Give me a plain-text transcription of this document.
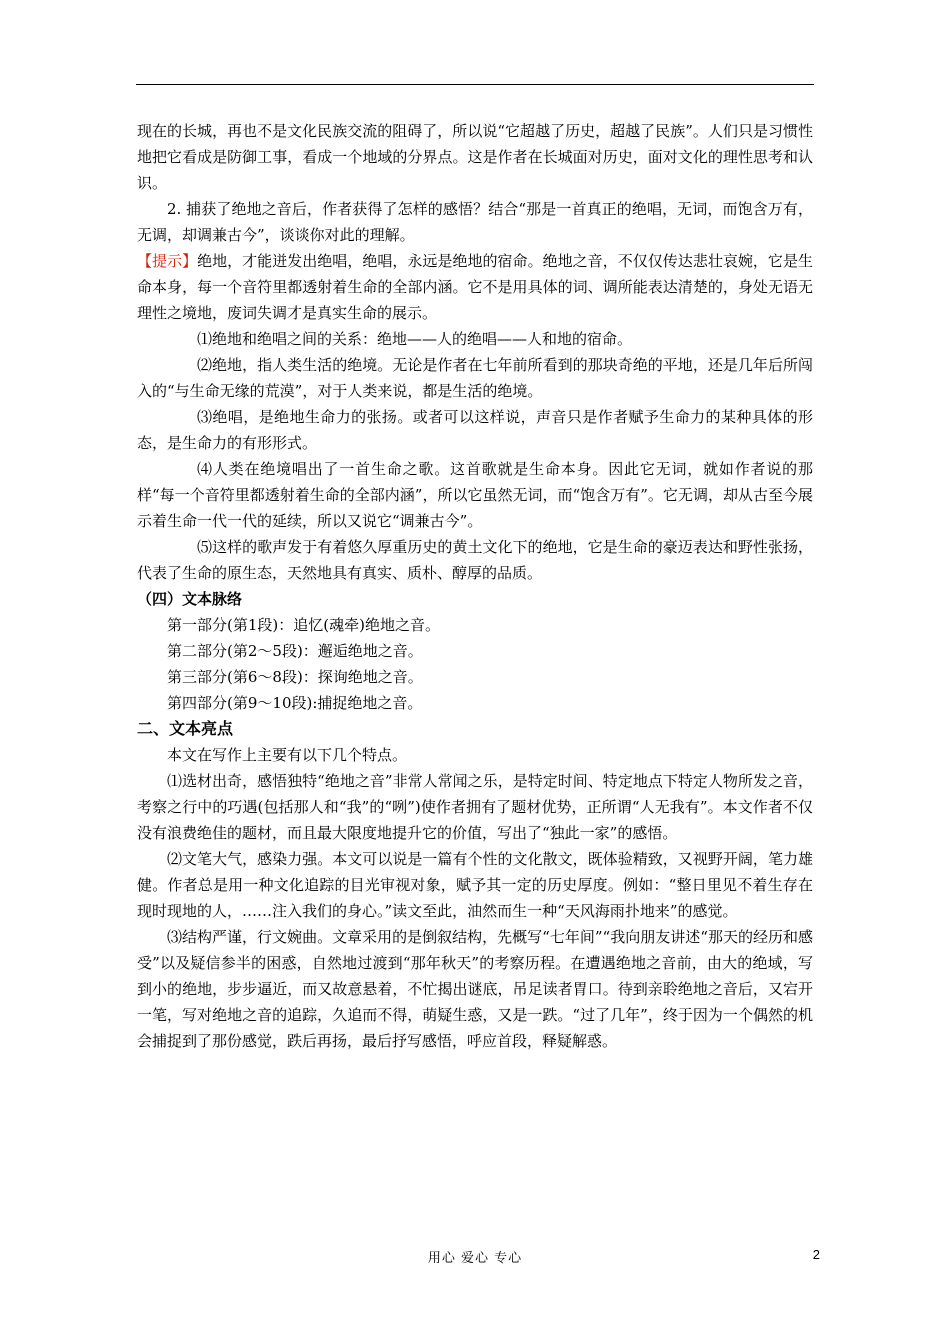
现在的长城，再也不是文化民族交流的阻碍了，所以说“它超越了历史，超越了民族”。人们只是习惯性地把它看成是防御工事，看成一个地域的分界点。这是作者在长城面对历史，面对文化的理性思考和认识。

2. 捕获了绝地之音后，作者获得了怎样的感悟？结合“那是一首真正的绝唱，无词，而饱含万有，无调，却调兼古今”，谈谈你对此的理解。

【提示】绝地，才能迸发出绝唱，绝唱，永远是绝地的宿命。绝地之音，不仅仅传达悲壮哀婉，它是生命本身，每一个音符里都透射着生命的全部内涵。它不是用具体的词、调所能表达清楚的，身处无语无理性之境地，废词失调才是真实生命的展示。

⑴绝地和绝唱之间的关系：绝地——人的绝唱——人和地的宿命。

⑵绝地，指人类生活的绝境。无论是作者在七年前所看到的那块奇绝的平地，还是几年后所闯入的“与生命无缘的荒漠”，对于人类来说，都是生活的绝境。

⑶绝唱，是绝地生命力的张扬。或者可以这样说，声音只是作者赋予生命力的某种具体的形态，是生命力的有形形式。

⑷人类在绝境唱出了一首生命之歌。这首歌就是生命本身。因此它无词，就如作者说的那样“每一个音符里都透射着生命的全部内涵”，所以它虽然无词，而“饱含万有”。它无调，却从古至今展示着生命一代一代的延续，所以又说它“调兼古今”。

⑸这样的歌声发于有着悠久厚重历史的黄土文化下的绝地，它是生命的豪迈表达和野性张扬，代表了生命的原生态，天然地具有真实、质朴、醇厚的品质。

（四）文本脉络

第一部分(第1段)：追忆(魂牵)绝地之音。

第二部分(第2～5段)：邂逅绝地之音。

第三部分(第6～8段)：探询绝地之音。

第四部分(第9～10段):捕捉绝地之音。

二、文本亮点

本文在写作上主要有以下几个特点。

⑴选材出奇，感悟独特“绝地之音”非常人常闻之乐，是特定时间、特定地点下特定人物所发之音，考察之行中的巧遇(包括那人和“我”的“咧”)使作者拥有了题材优势，正所谓“人无我有”。本文作者不仅没有浪费绝佳的题材，而且最大限度地提升它的价值，写出了“独此一家”的感悟。

⑵文笔大气，感染力强。本文可以说是一篇有个性的文化散文，既体验精致，又视野开阔，笔力雄健。作者总是用一种文化追踪的目光审视对象，赋予其一定的历史厚度。例如：“整日里见不着生存在现时现地的人，……注入我们的身心。”读文至此，油然而生一种“天风海雨扑地来”的感觉。

⑶结构严谨，行文婉曲。文章采用的是倒叙结构，先概写“七年间”“我向朋友讲述“那天的经历和感受”以及疑信参半的困惑，自然地过渡到“那年秋天”的考察历程。在遭遇绝地之音前，由大的绝域，写到小的绝地，步步逼近，而又故意悬着，不忙揭出谜底，吊足读者胃口。待到亲聆绝地之音后，又宕开一笔，写对绝地之音的追踪，久追而不得，萌疑生惑，又是一跌。“过了几年”，终于因为一个偶然的机会捕捉到了那份感觉，跌后再扬，最后抒写感悟，呼应首段，释疑解惑。

用心 爱心 专心	2
